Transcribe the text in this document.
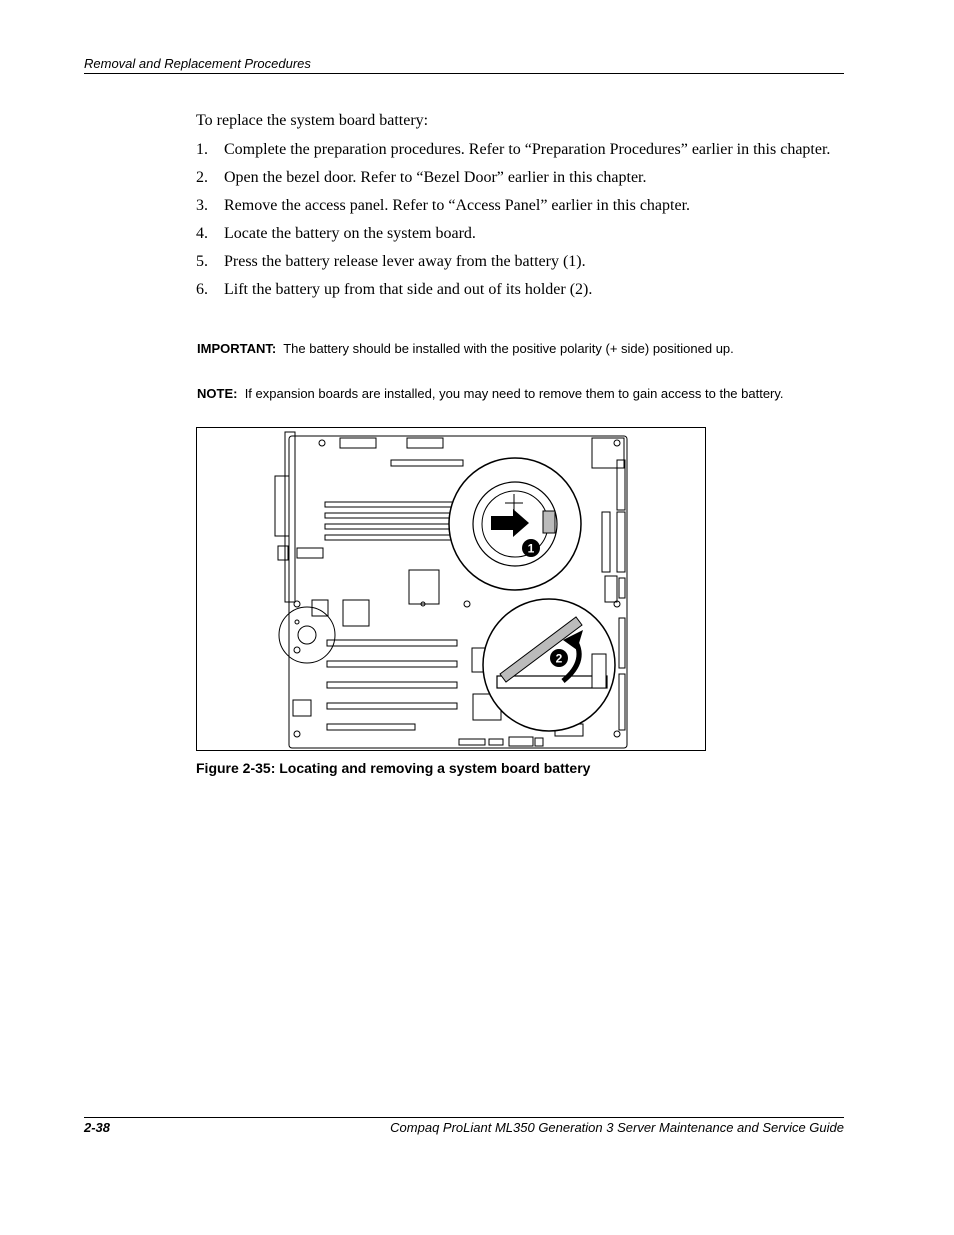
Removal and Replacement Procedures
To replace the system board battery:
1.	Complete the preparation procedures. Refer to “Preparation Procedures” earlier in this chapter.
2.	Open the bezel door. Refer to “Bezel Door” earlier in this chapter.
3.	Remove the access panel. Refer to “Access Panel” earlier in this chapter.
4.	Locate the battery on the system board.
5.	Press the battery release lever away from the battery (1).
6.	Lift the battery up from that side and out of its holder (2).
IMPORTANT: The battery should be installed with the positive polarity (+ side) positioned up.
NOTE: If expansion boards are installed, you may need to remove them to gain access to the battery.
1
2
Figure 2-35: Locating and removing a system board battery
2-38	Compaq ProLiant ML350 Generation 3 Server Maintenance and Service Guide
